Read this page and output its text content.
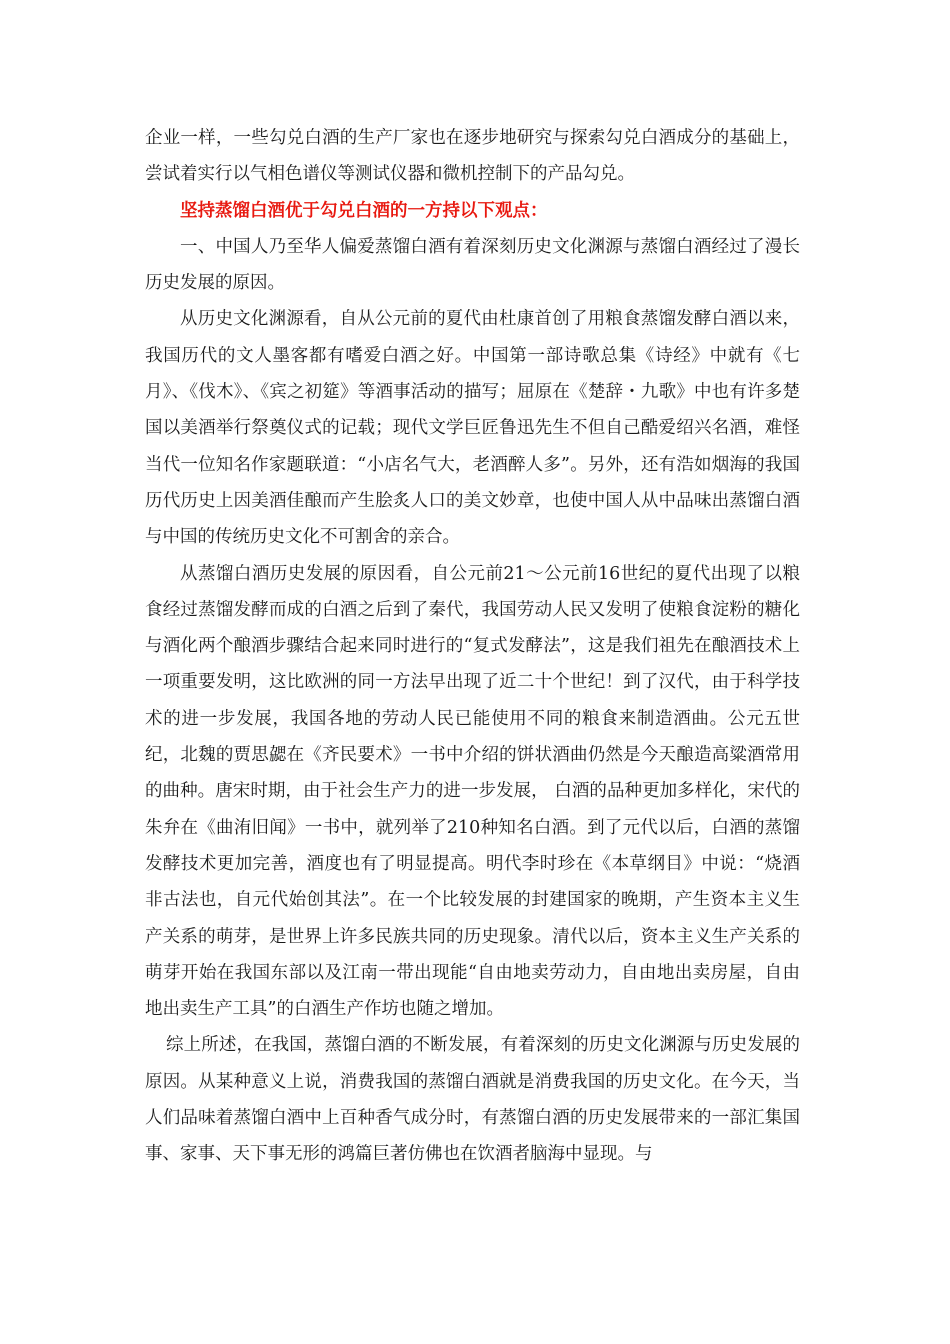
企业一样，一些勾兑白酒的生产厂家也在逐步地研究与探索勾兑白酒成分的基础上，尝试着实行以气相色谱仪等测试仪器和微机控制下的产品勾兑。

坚持蒸馏白酒优于勾兑白酒的一方持以下观点：

一、中国人乃至华人偏爱蒸馏白酒有着深刻历史文化渊源与蒸馏白酒经过了漫长历史发展的原因。

从历史文化渊源看，自从公元前的夏代由杜康首创了用粮食蒸馏发酵白酒以来，我国历代的文人墨客都有嗜爱白酒之好。中国第一部诗歌总集《诗经》中就有《七月》、《伐木》、《宾之初筵》等酒事活动的描写；屈原在《楚辞・九歌》中也有许多楚国以美酒举行祭奠仪式的记载；现代文学巨匠鲁迅先生不但自己酷爱绍兴名酒，难怪当代一位知名作家题联道：“小店名气大，老酒醉人多”。另外，还有浩如烟海的我国历代历史上因美酒佳酿而产生脍炙人口的美文妙章，也使中国人从中品味出蒸馏白酒与中国的传统历史文化不可割舍的亲合。

从蒸馏白酒历史发展的原因看，自公元前21～公元前16世纪的夏代出现了以粮食经过蒸馏发酵而成的白酒之后到了秦代，我国劳动人民又发明了使粮食淀粉的糖化与酒化两个酿酒步骤结合起来同时进行的“复式发酵法”，这是我们祖先在酿酒技术上一项重要发明，这比欧洲的同一方法早出现了近二十个世纪！到了汉代，由于科学技术的进一步发展，我国各地的劳动人民已能使用不同的粮食来制造酒曲。公元五世纪，北魏的贾思勰在《齐民要术》一书中介绍的饼状酒曲仍然是今天酿造高粱酒常用的曲种。唐宋时期，由于社会生产力的进一步发展， 白酒的品种更加多样化，宋代的朱弁在《曲洧旧闻》一书中，就列举了210种知名白酒。到了元代以后，白酒的蒸馏发酵技术更加完善，酒度也有了明显提高。明代李时珍在《本草纲目》中说：“烧酒非古法也，自元代始创其法”。在一个比较发展的封建国家的晚期，产生资本主义生产关系的萌芽，是世界上许多民族共同的历史现象。清代以后，资本主义生产关系的萌芽开始在我国东部以及江南一带出现能“自由地卖劳动力，自由地出卖房屋，自由地出卖生产工具”的白酒生产作坊也随之增加。

综上所述，在我国，蒸馏白酒的不断发展，有着深刻的历史文化渊源与历史发展的原因。从某种意义上说，消费我国的蒸馏白酒就是消费我国的历史文化。在今天，当人们品味着蒸馏白酒中上百种香气成分时，有蒸馏白酒的历史发展带来的一部汇集国事、家事、天下事无形的鸿篇巨著仿佛也在饮酒者脑海中显现。与
